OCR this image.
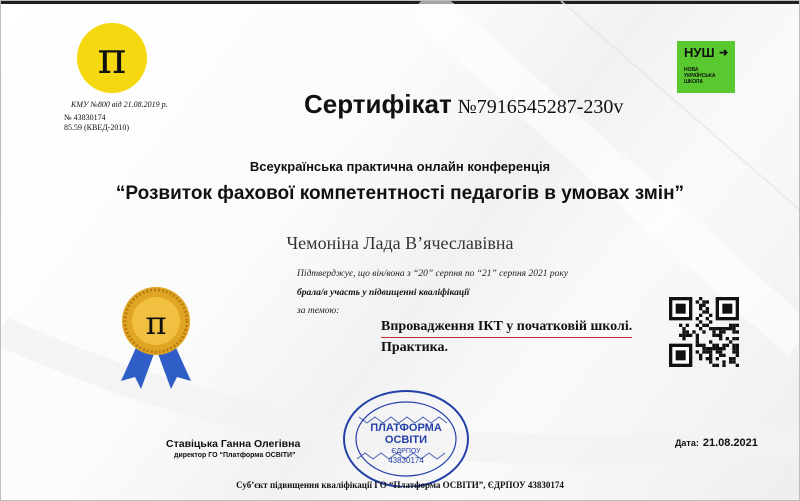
π
КМУ №800 від 21.08.2019 р.
№ 43830174
85.59 (КВЕД-2010)
НУШ ➜
НОВА
УКРАЇНСЬКА
ШКОЛА
Сертифікат №7916545287-230v
Всеукраїнська практична онлайн конференція
“Розвиток фахової компетентності педагогів в умовах змін”
Чемоніна Лада В’ячеславівна
Підтверджує, що він/вона з “20” серпня по “21” серпня 2021 року
брала/в участь у підвищенні кваліфікації
за темою:
Впровадження ІКТ у початковій школі.
Практика.
π
ПЛАТФОРМА
ОСВІТИ
ЄДРПОУ
43830174
Ставіцька Ганна Олегівна
директор ГО “Платформа ОСВІТИ”
Дата: 21.08.2021
Суб’єкт підвищення кваліфікації ГО “Платформа ОСВІТИ”, ЄДРПОУ 43830174
